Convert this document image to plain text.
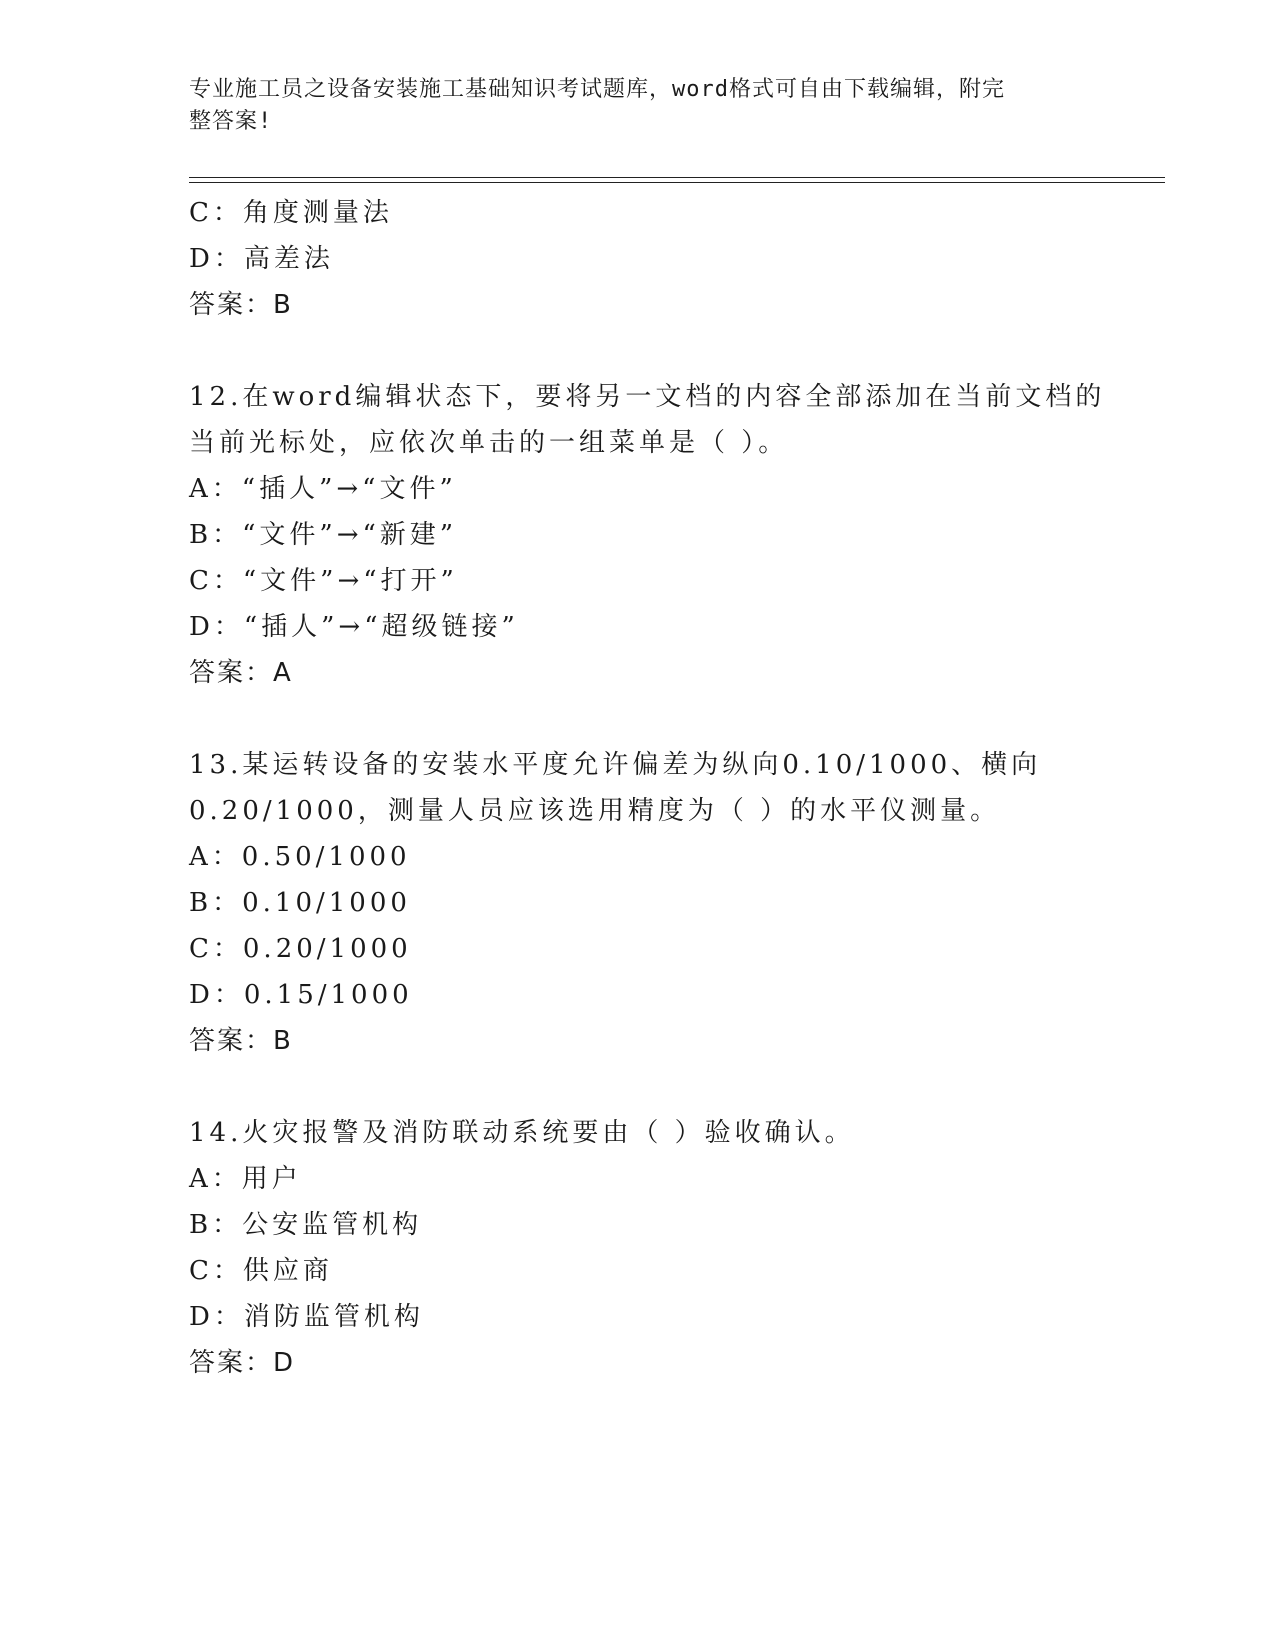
专业施工员之设备安装施工基础知识考试题库，word格式可自由下载编辑，附完
整答案!
C：角度测量法
D：高差法
答案：B
12.在word编辑状态下，要将另一文档的内容全部添加在当前文档的
当前光标处，应依次单击的一组菜单是（ ）。
A：“插人”→“文件”
B：“文件”→“新建”
C：“文件”→“打开”
D：“插人”→“超级链接”
答案：A
13.某运转设备的安装水平度允许偏差为纵向0.10/1000、横向
0.20/1000，测量人员应该选用精度为（ ）的水平仪测量。
A：0.50/1000
B：0.10/1000
C：0.20/1000
D：0.15/1000
答案：B
14.火灾报警及消防联动系统要由（ ）验收确认。
A：用户
B：公安监管机构
C：供应商
D：消防监管机构
答案：D
